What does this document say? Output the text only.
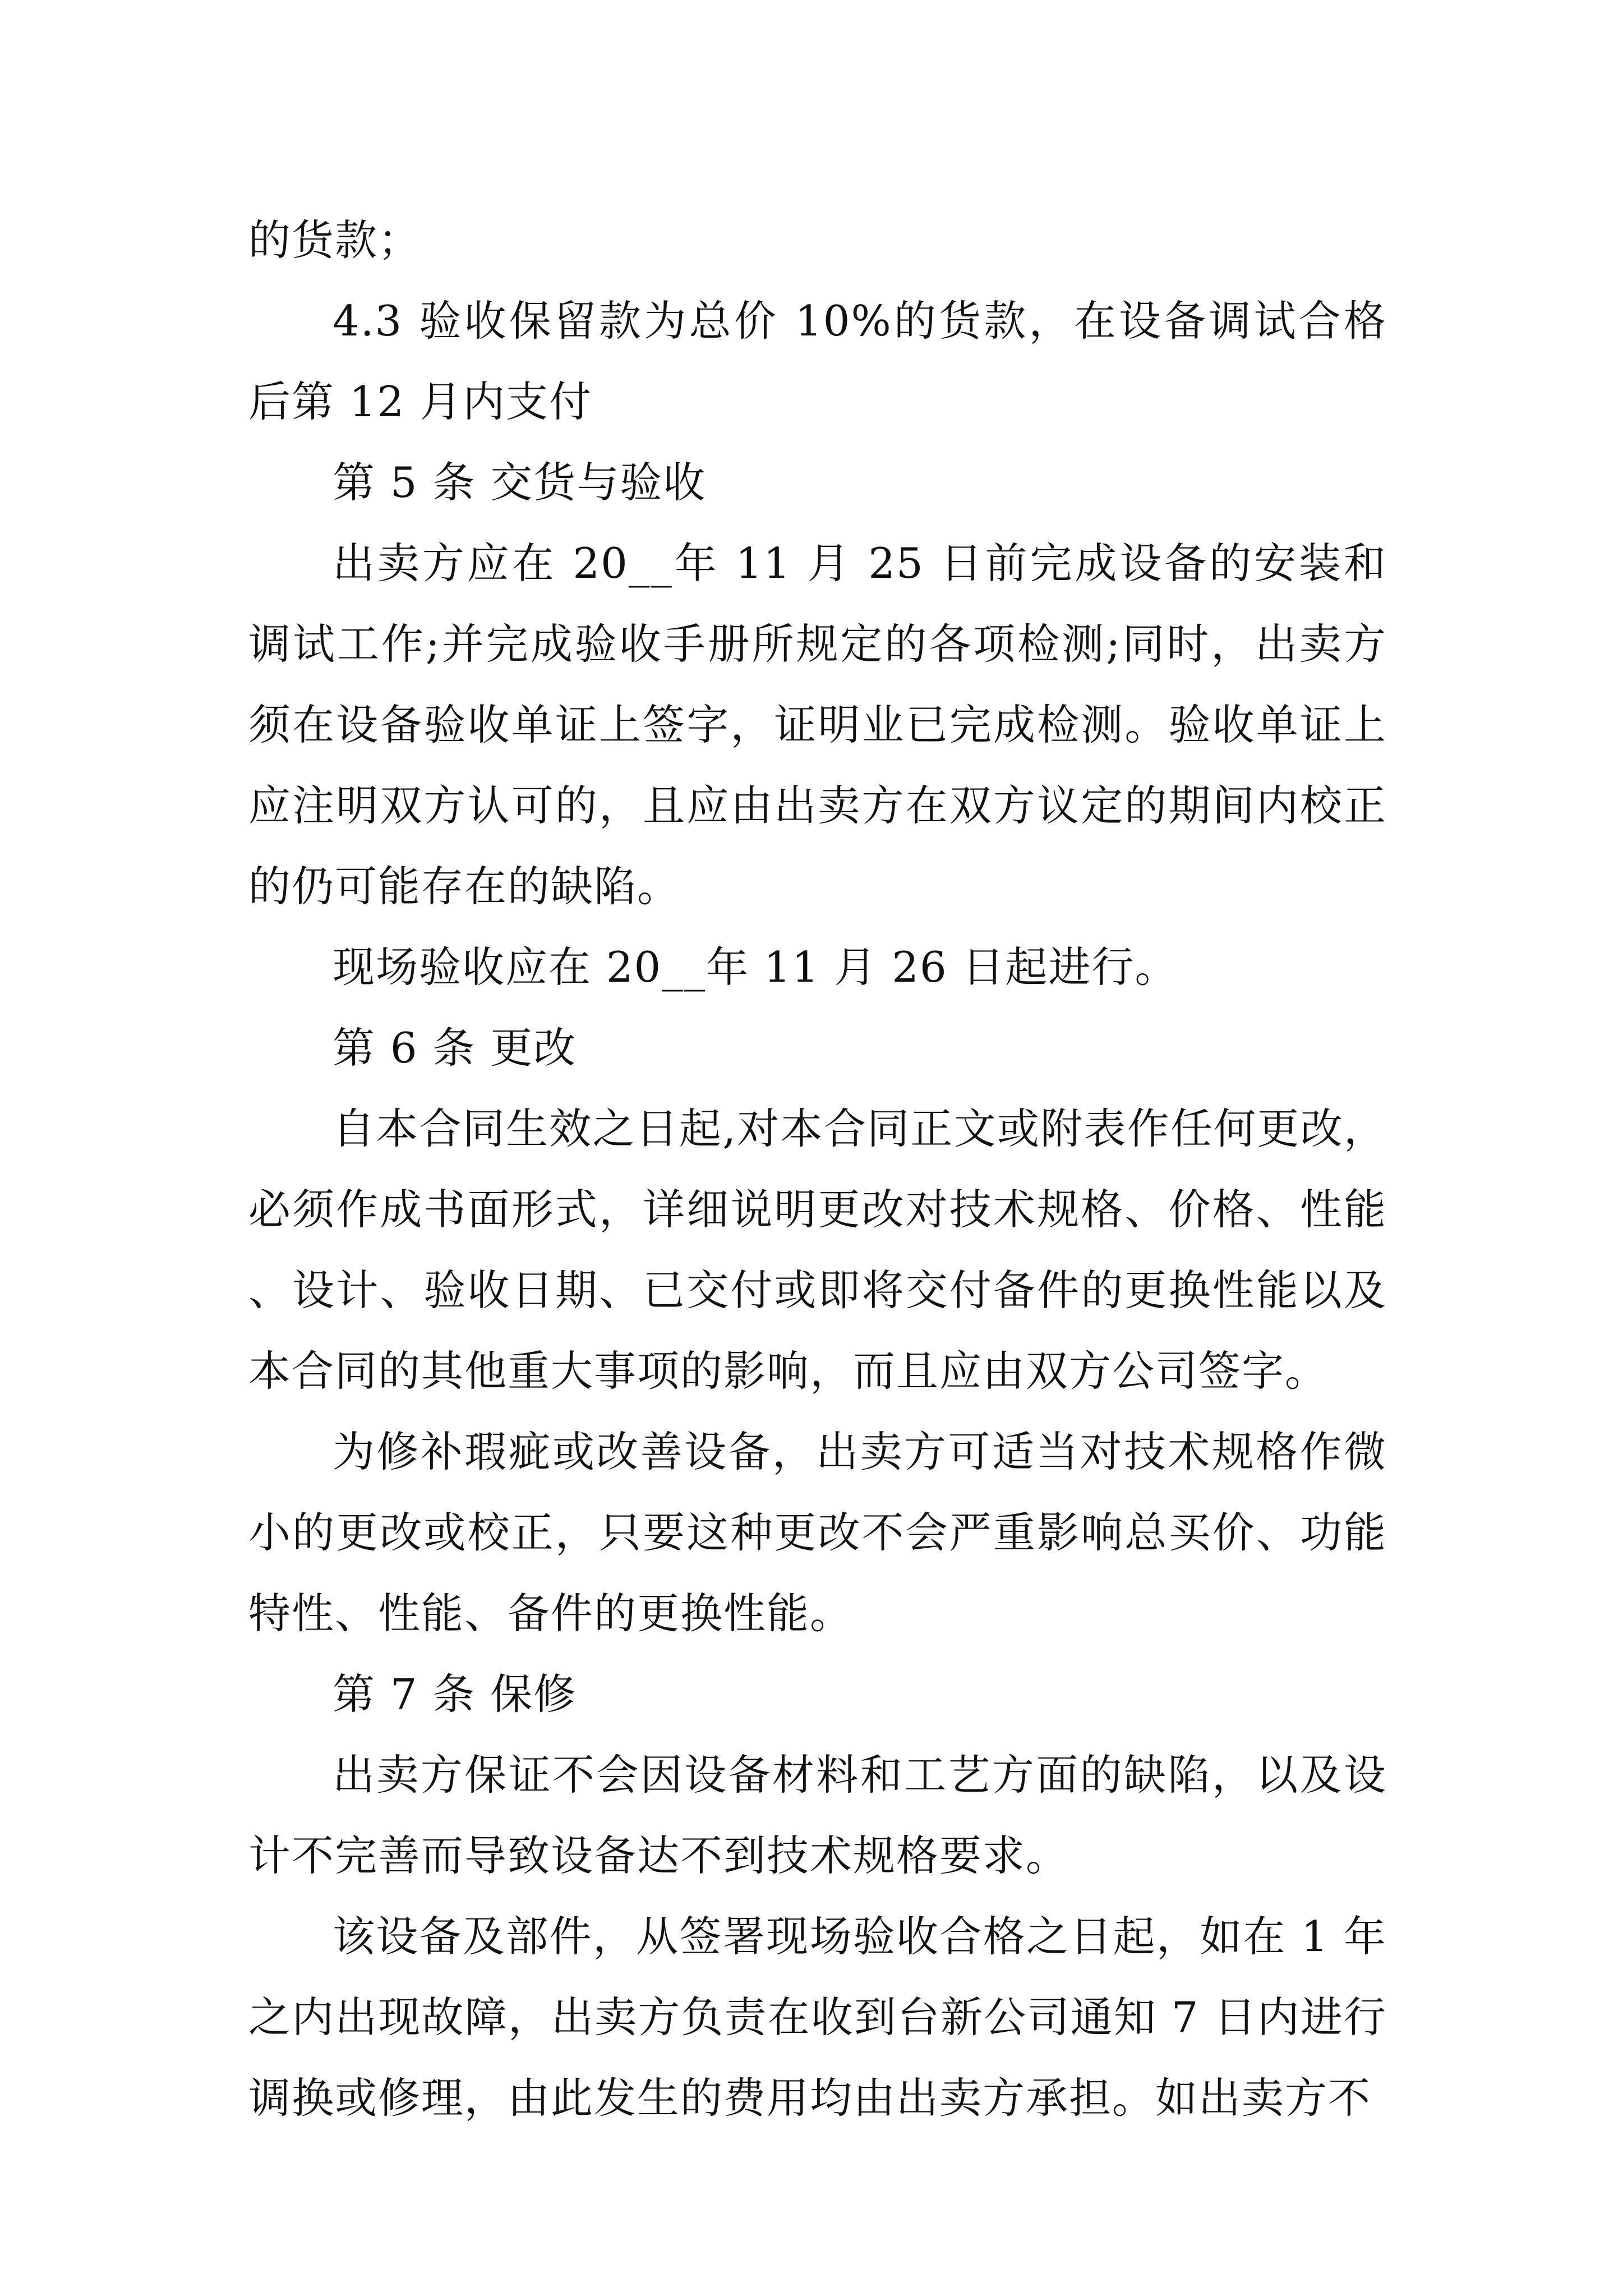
的货款；

4.3 验收保留款为总价 10%的货款，在设备调试合格后第 12 月内支付

第 5 条 交货与验收

出卖方应在 20__年 11 月 25 日前完成设备的安装和调试工作;并完成验收手册所规定的各项检测;同时，出卖方须在设备验收单证上签字，证明业已完成检测。验收单证上应注明双方认可的，且应由出卖方在双方议定的期间内校正的仍可能存在的缺陷。

现场验收应在 20__年 11 月 26 日起进行。

第 6 条 更改

自本合同生效之日起,对本合同正文或附表作任何更改，必须作成书面形式，详细说明更改对技术规格、价格、性能、设计、验收日期、已交付或即将交付备件的更换性能以及本合同的其他重大事项的影响，而且应由双方公司签字。

为修补瑕疵或改善设备，出卖方可适当对技术规格作微小的更改或校正，只要这种更改不会严重影响总买价、功能特性、性能、备件的更换性能。

第 7 条 保修

出卖方保证不会因设备材料和工艺方面的缺陷，以及设计不完善而导致设备达不到技术规格要求。

该设备及部件，从签署现场验收合格之日起，如在 1 年之内出现故障，出卖方负责在收到台新公司通知 7 日内进行调换或修理，由此发生的费用均由出卖方承担。如出卖方不
